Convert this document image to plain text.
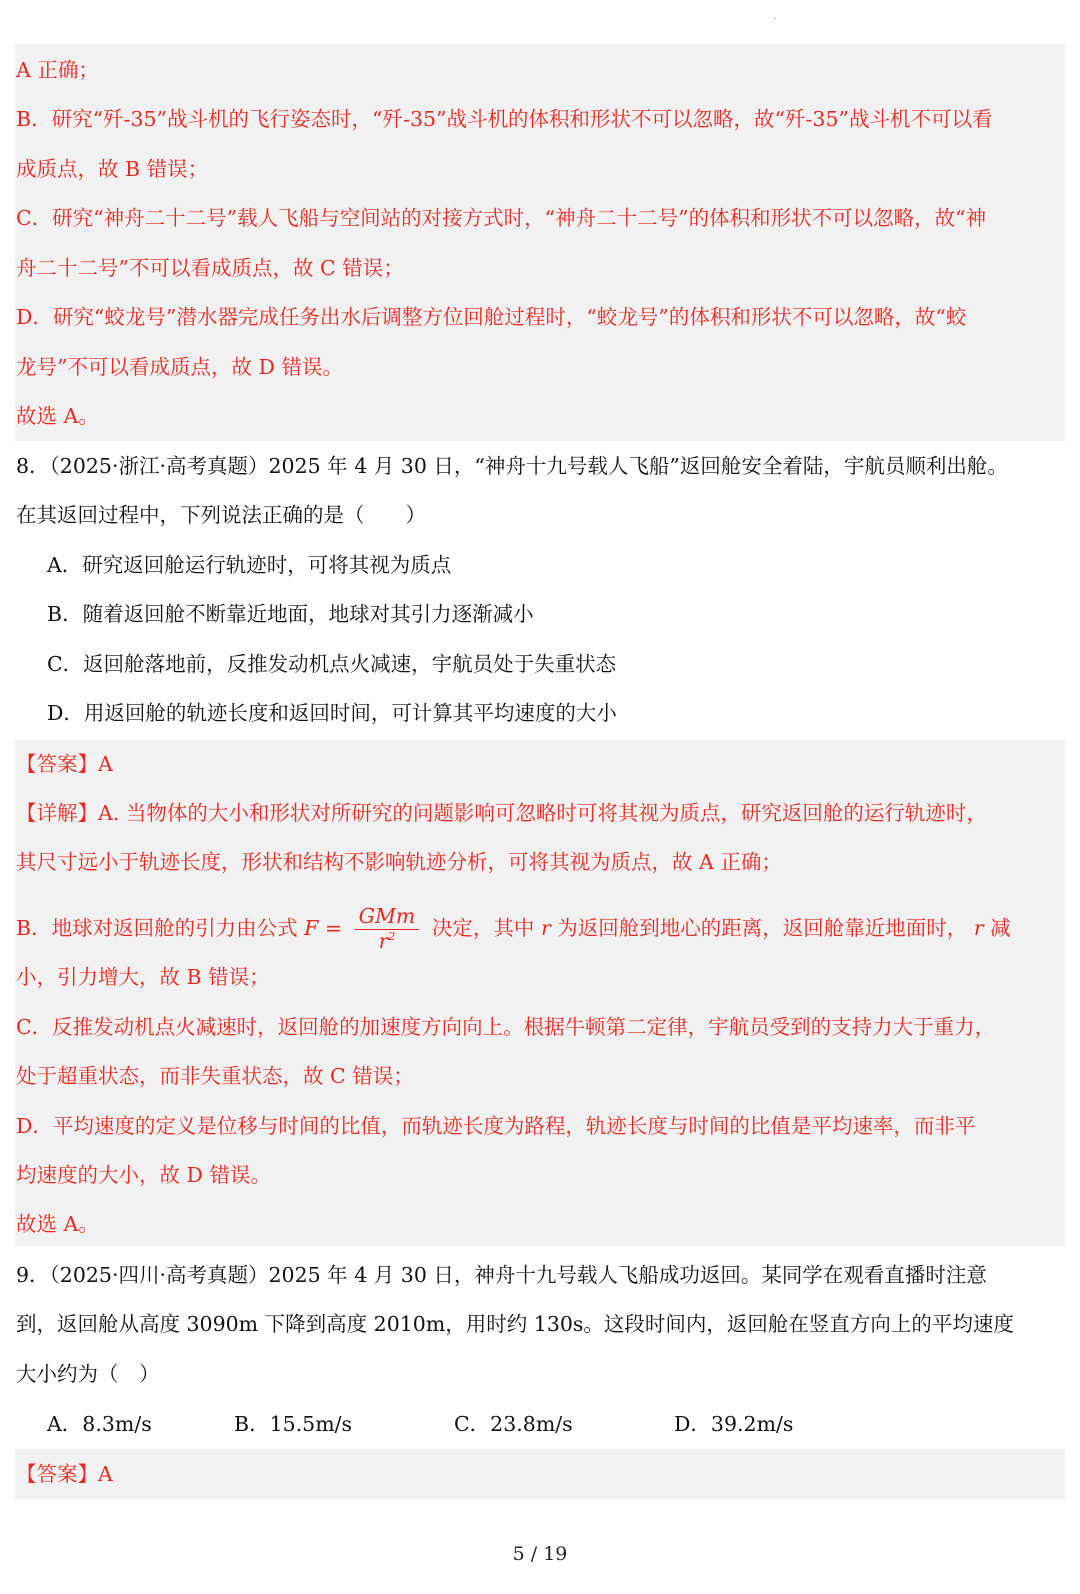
·
A 正确；
B．研究“歼-35”战斗机的飞行姿态时，“歼-35”战斗机的体积和形状不可以忽略，故“歼-35”战斗机不可以看
成质点，故 B 错误；
C．研究“神舟二十二号”载人飞船与空间站的对接方式时，“神舟二十二号”的体积和形状不可以忽略，故“神
舟二十二号”不可以看成质点，故 C 错误；
D．研究“蛟龙号”潜水器完成任务出水后调整方位回舱过程时，“蛟龙号”的体积和形状不可以忽略，故“蛟
龙号”不可以看成质点，故 D 错误。
故选 A。
8．（2025·浙江·高考真题）2025 年 4 月 30 日，“神舟十九号载人飞船”返回舱安全着陆，宇航员顺利出舱。
在其返回过程中，下列说法正确的是（　　）
A．研究返回舱运行轨迹时，可将其视为质点
B．随着返回舱不断靠近地面，地球对其引力逐渐减小
C．返回舱落地前，反推发动机点火减速，宇航员处于失重状态
D．用返回舱的轨迹长度和返回时间，可计算其平均速度的大小
【答案】A
【详解】A. 当物体的大小和形状对所研究的问题影响可忽略时可将其视为质点，研究返回舱的运行轨迹时，
其尺寸远小于轨迹长度，形状和结构不影响轨迹分析，可将其视为质点，故 A 正确；
B．地球对返回舱的引力由公式 $F = \frac{\text{GMm}}{r^2}$ 决定，其中 r 为返回舱到地心的距离，返回舱靠近地面时， r 减
小，引力增大，故 B 错误；
C．反推发动机点火减速时，返回舱的加速度方向向上。根据牛顿第二定律，宇航员受到的支持力大于重力，
处于超重状态，而非失重状态，故 C 错误；
D．平均速度的定义是位移与时间的比值，而轨迹长度为路程，轨迹长度与时间的比值是平均速率，而非平
均速度的大小，故 D 错误。
故选 A。
9．（2025·四川·高考真题）2025 年 4 月 30 日，神舟十九号载人飞船成功返回。某同学在观看直播时注意
到，返回舱从高度 3090m 下降到高度 2010m，用时约 130s。这段时间内，返回舱在竖直方向上的平均速度
大小约为（　）
A．8.3m/s	B．15.5m/s	C．23.8m/s	D．39.2m/s
【答案】A
5 / 19
